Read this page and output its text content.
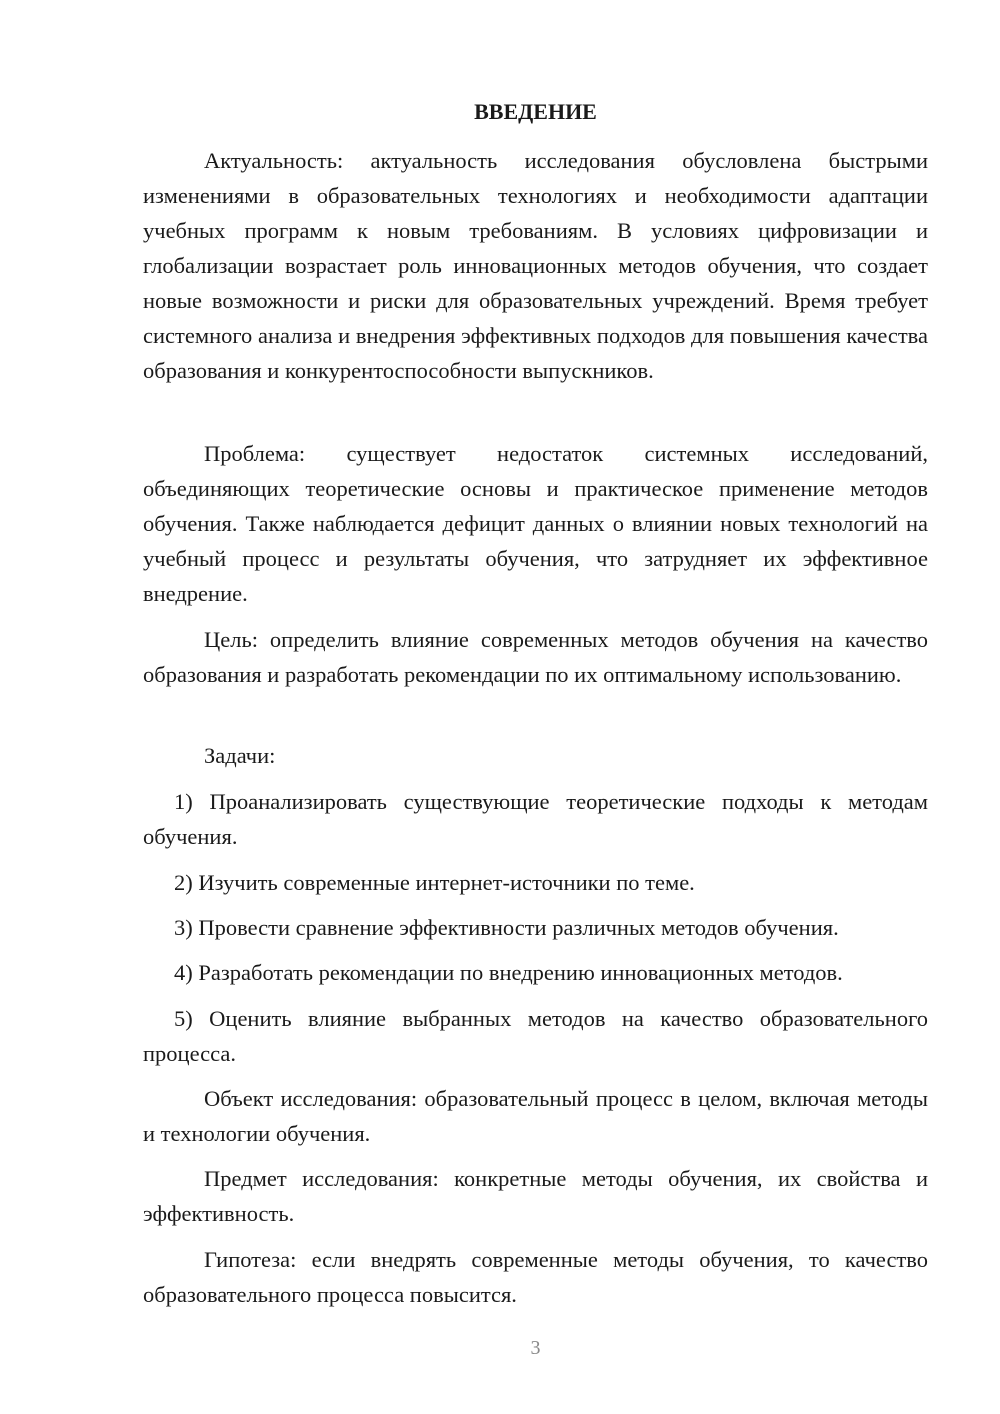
ВВЕДЕНИЕ

Актуальность: актуальность исследования обусловлена быстрыми изменениями в образовательных технологиях и необходимости адаптации учебных программ к новым требованиям. В условиях цифровизации и глобализации возрастает роль инновационных методов обучения, что создает новые возможности и риски для образовательных учреждений. Время требует системного анализа и внедрения эффективных подходов для повышения качества образования и конкурентоспособности выпускников.

Проблема: существует недостаток системных исследований, объединяющих теоретические основы и практическое применение методов обучения. Также наблюдается дефицит данных о влиянии новых технологий на учебный процесс и результаты обучения, что затрудняет их эффективное внедрение.

Цель: определить влияние современных методов обучения на качество образования и разработать рекомендации по их оптимальному использованию.

Задачи:

1) Проанализировать существующие теоретические подходы к методам обучения.

2) Изучить современные интернет-источники по теме.

3) Провести сравнение эффективности различных методов обучения.

4) Разработать рекомендации по внедрению инновационных методов.

5) Оценить влияние выбранных методов на качество образовательного процесса.

Объект исследования: образовательный процесс в целом, включая методы и технологии обучения.

Предмет исследования: конкретные методы обучения, их свойства и эффективность.

Гипотеза: если внедрять современные методы обучения, то качество образовательного процесса повысится.

3
